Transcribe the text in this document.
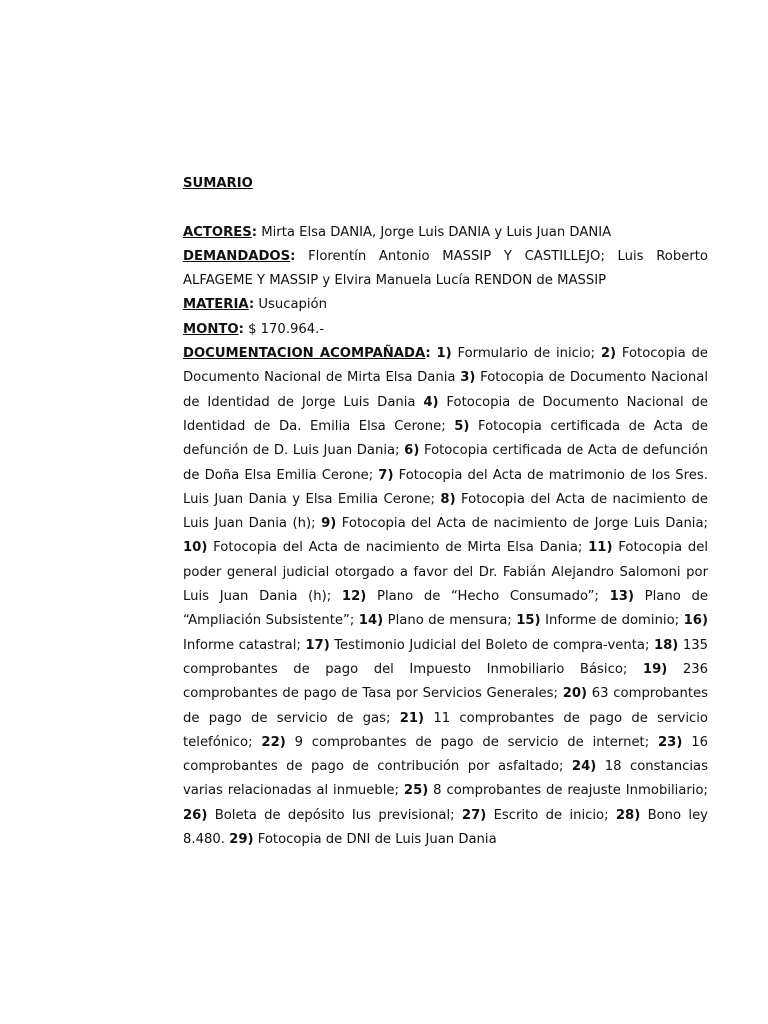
SUMARIO

ACTORES: Mirta Elsa DANIA, Jorge Luis DANIA y Luis Juan DANIA

DEMANDADOS: Florentín Antonio MASSIP Y CASTILLEJO; Luis Roberto ALFAGEME Y MASSIP y Elvira Manuela Lucía RENDON de MASSIP

MATERIA: Usucapión

MONTO: $ 170.964.-

DOCUMENTACION ACOMPAÑADA: 1) Formulario de inicio; 2) Fotocopia de Documento Nacional de Mirta Elsa Dania 3) Fotocopia de Documento Nacional de Identidad de Jorge Luis Dania 4) Fotocopia de Documento Nacional de Identidad de Da. Emilia Elsa Cerone; 5) Fotocopia certificada de Acta de defunción de D. Luis Juan Dania; 6) Fotocopia certificada de Acta de defunción de Doña Elsa Emilia Cerone; 7) Fotocopia del Acta de matrimonio de los Sres. Luis Juan Dania y Elsa Emilia Cerone; 8) Fotocopia del Acta de nacimiento de Luis Juan Dania (h); 9) Fotocopia del Acta de nacimiento de Jorge Luis Dania; 10) Fotocopia del Acta de nacimiento de Mirta Elsa Dania; 11) Fotocopia del poder general judicial otorgado a favor del Dr. Fabián Alejandro Salomoni por Luis Juan Dania (h); 12) Plano de “Hecho Consumado”; 13) Plano de “Ampliación Subsistente”; 14) Plano de mensura; 15) Informe de dominio; 16) Informe catastral; 17) Testimonio Judicial del Boleto de compra-venta; 18) 135 comprobantes de pago del Impuesto Inmobiliario Básico; 19) 236 comprobantes de pago de Tasa por Servicios Generales; 20) 63 comprobantes de pago de servicio de gas; 21) 11 comprobantes de pago de servicio telefónico; 22) 9 comprobantes de pago de servicio de internet; 23) 16 comprobantes de pago de contribución por asfaltado; 24) 18 constancias varias relacionadas al inmueble; 25) 8 comprobantes de reajuste Inmobiliario; 26) Boleta de depósito Ius previsional; 27) Escrito de inicio; 28) Bono ley 8.480. 29) Fotocopia de DNI de Luis Juan Dania
